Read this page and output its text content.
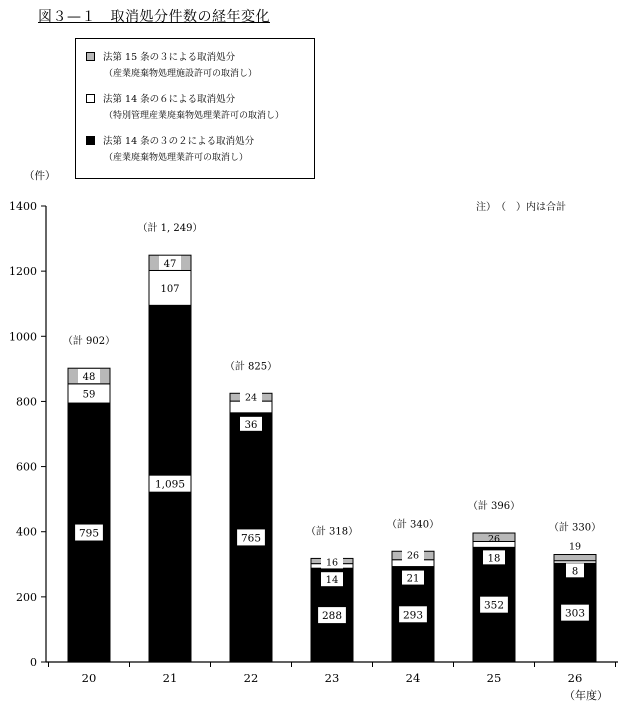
図３—１　取消処分件数の経年変化
法第 15 条の３による取消処分
（産業廃棄物処理施設許可の取消し）
法第 14 条の６による取消処分
（特別管理産業廃棄物処理業許可の取消し）
法第 14 条の３の２による取消処分
（産業廃棄物処理業許可の取消し）
（件）
注）　（　）内は合計
（年度）
0
200
400
600
800
1000
1200
1400
795
59
48
（計 902）
20
1,095
107
47
（計 1, 249）
21
765
36
24
（計 825）
22
288
14
16
（計 318）
23
293
21
26
（計 340）
24
352
26
18
（計 396）
25
303
19
8
（計 330）
26
